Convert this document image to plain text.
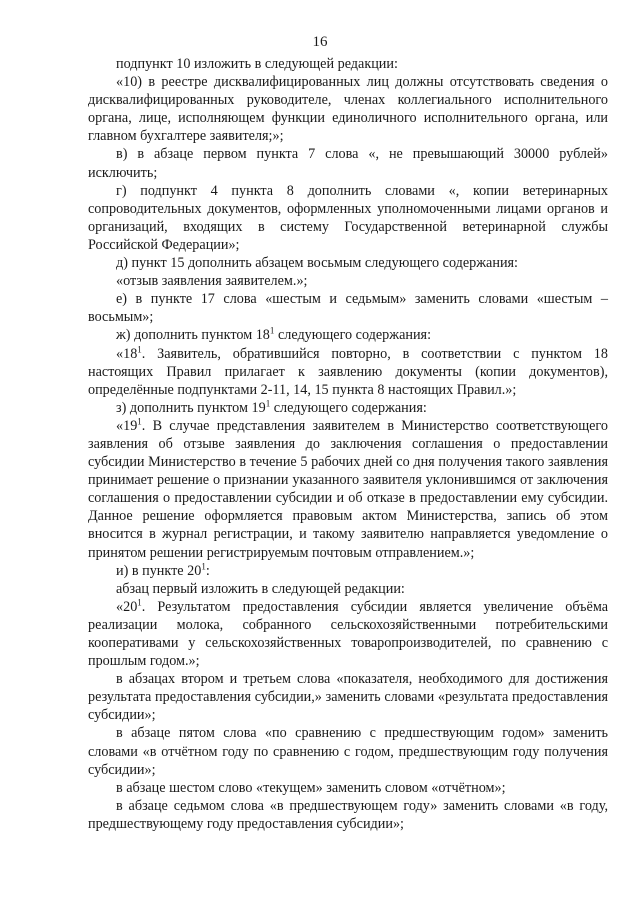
16

подпункт 10 изложить в следующей редакции:

«10) в реестре дисквалифицированных лиц должны отсутствовать сведения о дисквалифицированных руководителе, членах коллегиального исполнительного органа, лице, исполняющем функции единоличного исполнительного органа, или главном бухгалтере заявителя;»;

в) в абзаце первом пункта 7 слова «, не превышающий 30000 рублей» исключить;

г) подпункт 4 пункта 8 дополнить словами «, копии ветеринарных сопроводительных документов, оформленных уполномоченными лицами органов и организаций, входящих в систему Государственной ветеринарной службы Российской Федерации»;

д) пункт 15 дополнить абзацем восьмым следующего содержания:

«отзыв заявления заявителем.»;

е) в пункте 17 слова «шестым и седьмым» заменить словами «шестым – восьмым»;

ж) дополнить пунктом $18^1$ следующего содержания:

«$18^1$. Заявитель, обратившийся повторно, в соответствии с пунктом 18 настоящих Правил прилагает к заявлению документы (копии документов), определённые подпунктами 2-11, 14, 15 пункта 8 настоящих Правил.»;

з) дополнить пунктом $19^1$ следующего содержания:

«$19^1$. В случае представления заявителем в Министерство соответствующего заявления об отзыве заявления до заключения соглашения о предоставлении субсидии Министерство в течение 5 рабочих дней со дня получения такого заявления принимает решение о признании указанного заявителя уклонившимся от заключения соглашения о предоставлении субсидии и об отказе в предоставлении ему субсидии. Данное решение оформляется правовым актом Министерства, запись об этом вносится в журнал регистрации, и такому заявителю направляется уведомление о принятом решении регистрируемым почтовым отправлением.»;

и) в пункте $20^1$:

абзац первый изложить в следующей редакции:

«$20^1$. Результатом предоставления субсидии является увеличение объёма реализации молока, собранного сельскохозяйственными потребительскими кооперативами у сельскохозяйственных товаропроизводителей, по сравнению с прошлым годом.»;

в абзацах втором и третьем слова «показателя, необходимого для достижения результата предоставления субсидии,» заменить словами «результата предоставления субсидии»;

в абзаце пятом слова «по сравнению с предшествующим годом» заменить словами «в отчётном году по сравнению с годом, предшествующим году получения субсидии»;

в абзаце шестом слово «текущем» заменить словом «отчётном»;

в абзаце седьмом слова «в предшествующем году» заменить словами «в году, предшествующему году предоставления субсидии»;
